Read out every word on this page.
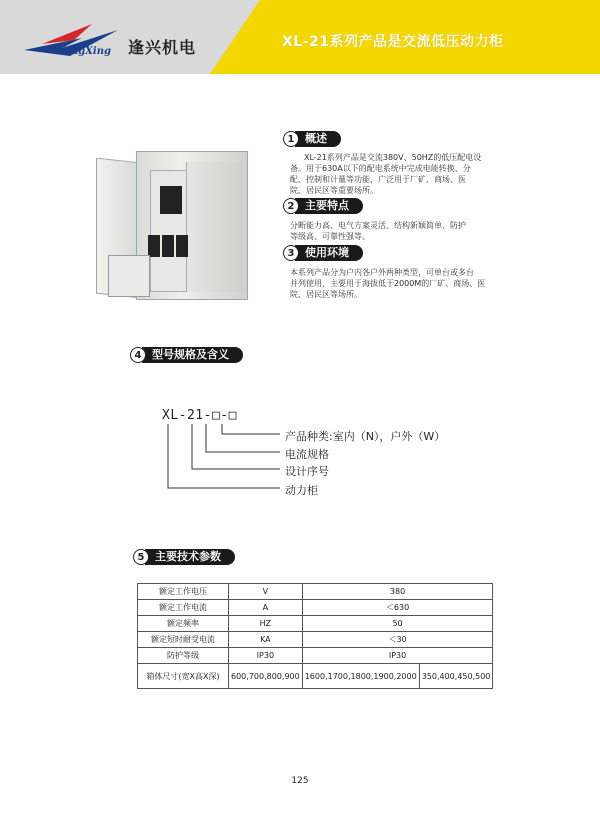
FengXing 逢兴机电	XL-21系列产品是交流低压动力柜
1 概述
XL-21系列产品是交流380V、50HZ的低压配电设
备。用于630A以下的配电系统中完成电能转换、分
配、控制和计量等功能，广泛用于厂矿、商场、医
院、居民区等重要场所。
2 主要特点
分断能力高、电气方案灵活、结构新颖简单、防护
等级高、可靠性强等。
3 使用环境
本系列产品分为户内各户外两种类型，可单台或多台
并列使用，主要用于海拔低于2000M的厂矿、商场、医
院、居民区等场所。
4 型号规格及含义
XL-21-□-□
产品种类:室内（N），户外（W）
电流规格
设计序号
动力柜
5 主要技术参数
额定工作电压	V	380	
额定工作电流	A	＜630	
额定频率	HZ	50	
额定短时耐受电流	KA	＜30	
防护等级	IP30	IP30	
箱体尺寸(宽X高X深)	600,700,800,900	1600,1700,1800,1900,2000	350,400,450,500
125
